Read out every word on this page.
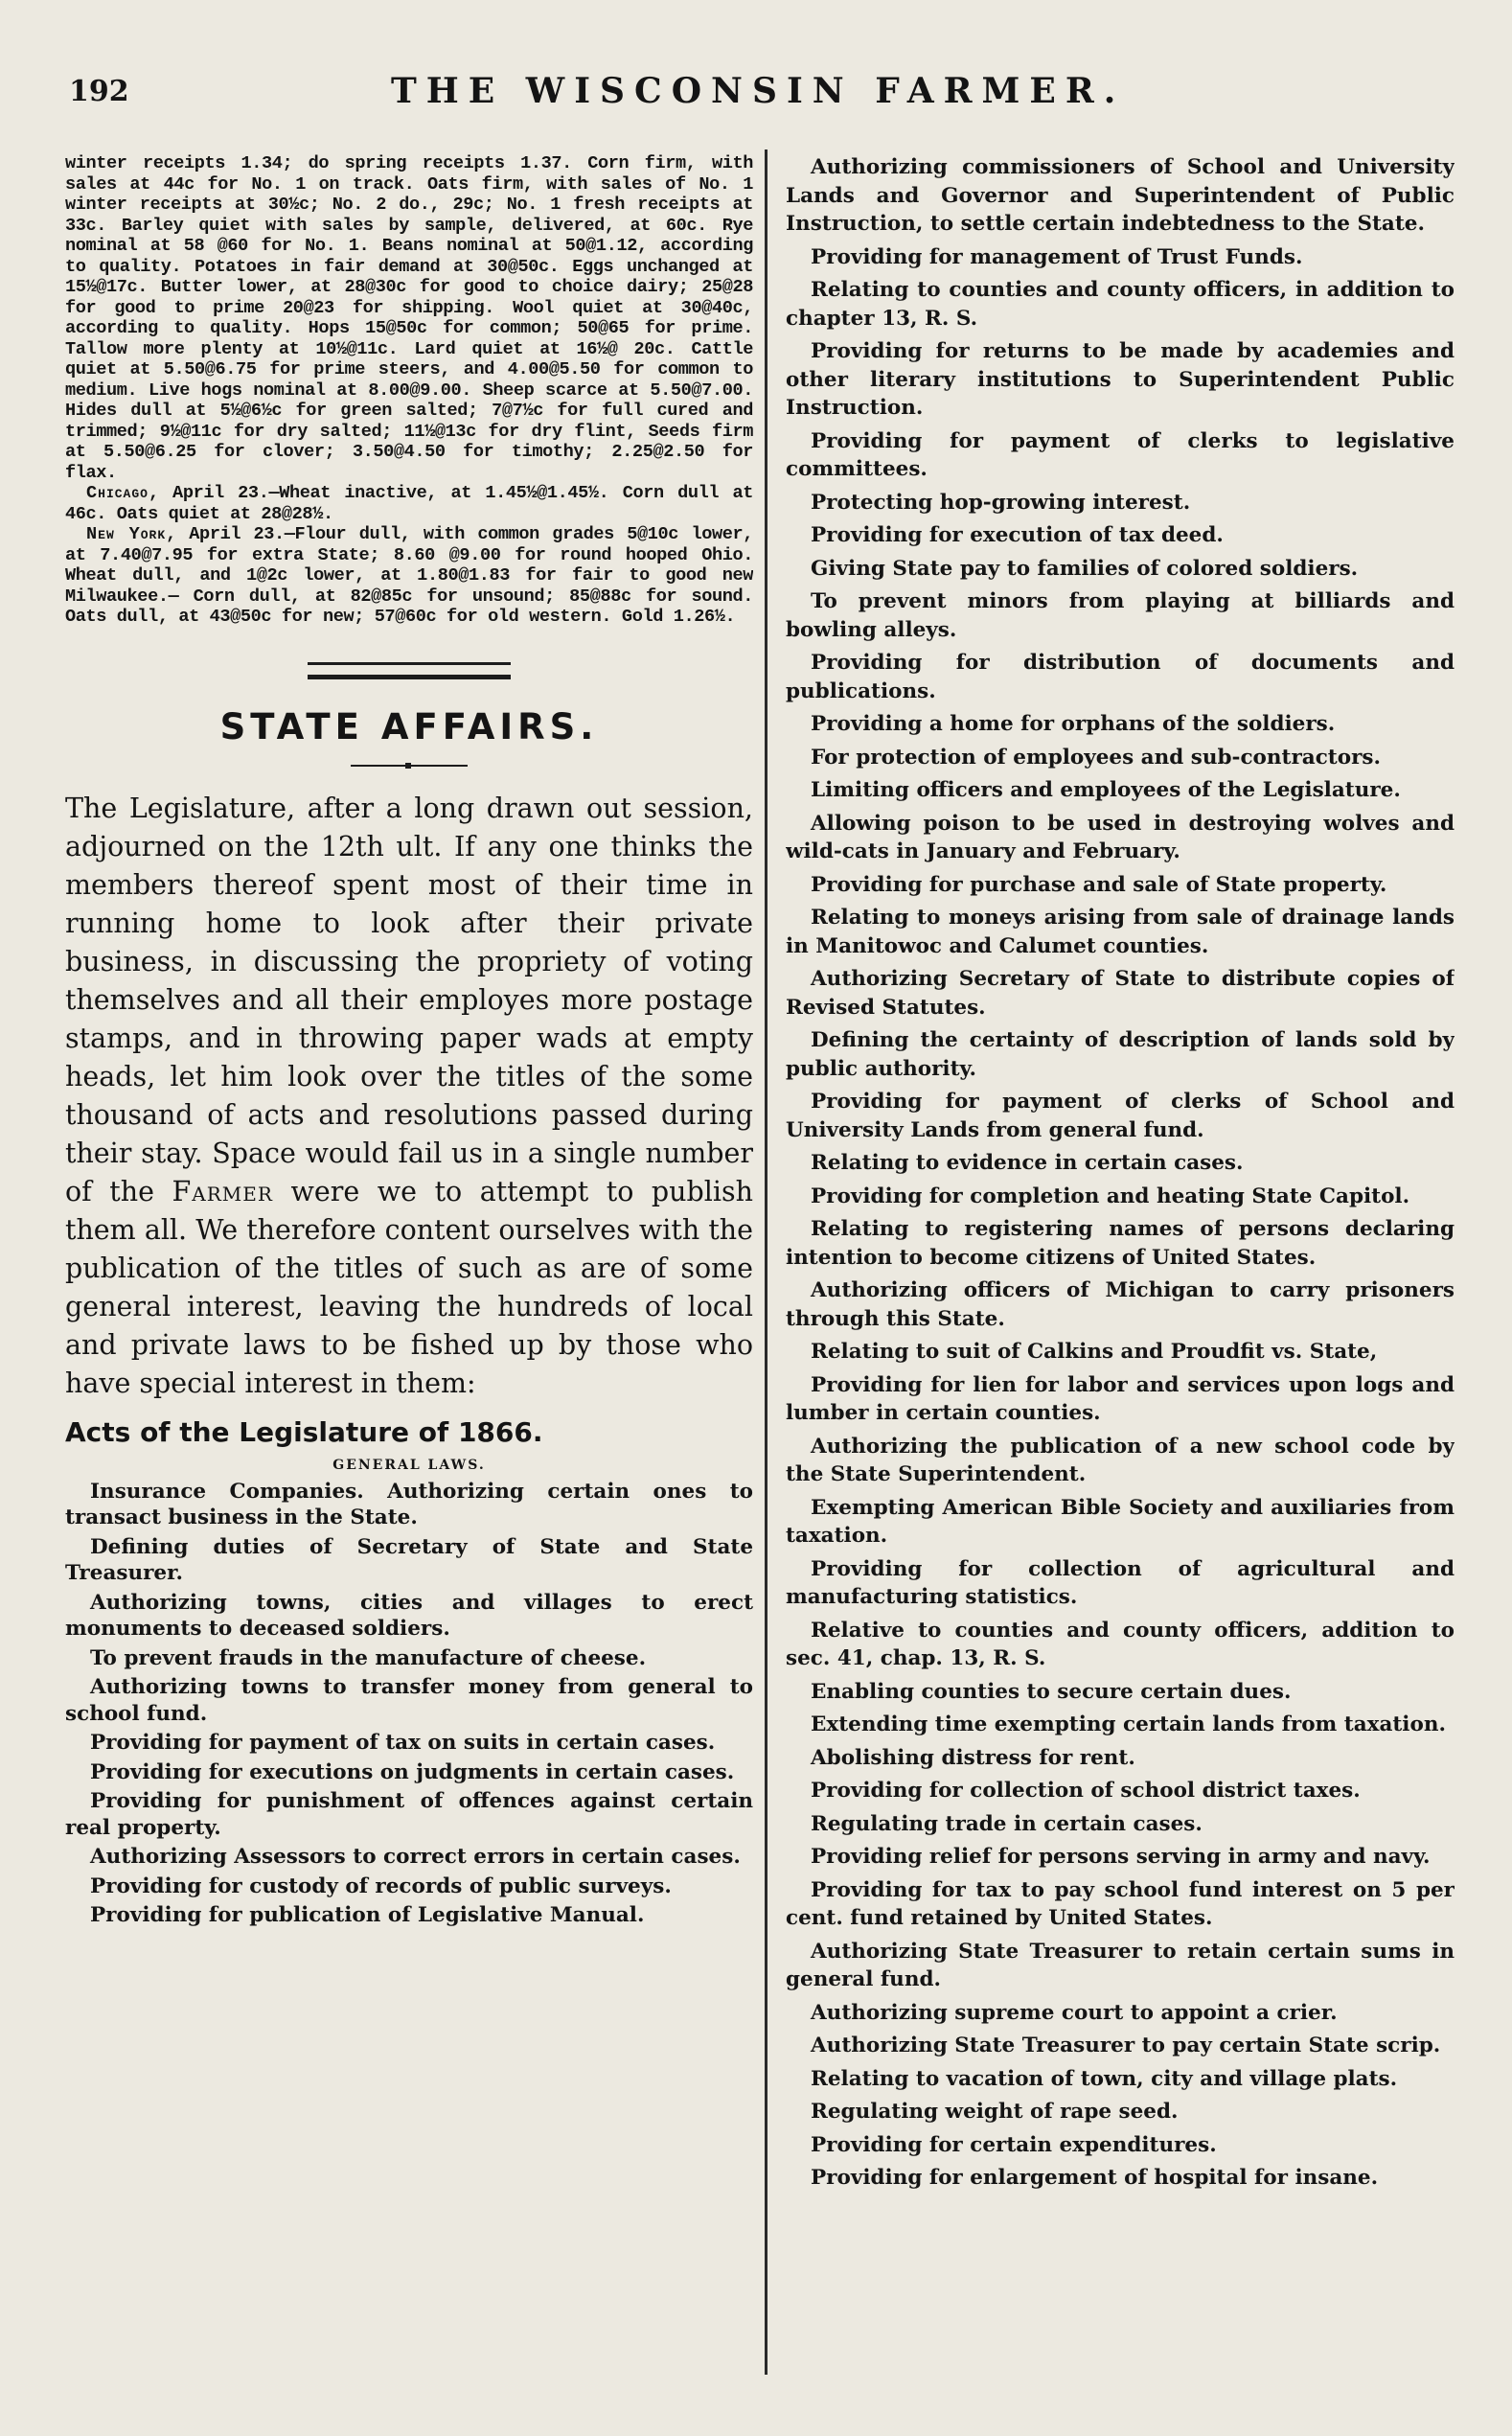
192	THE WISCONSIN FARMER.

winter receipts 1.34; do spring receipts 1.37. Corn firm, with sales at 44c for No. 1 on track. Oats firm, with sales of No. 1 winter receipts at 30½c; No. 2 do., 29c; No. 1 fresh receipts at 33c. Barley quiet with sales by sample, delivered, at 60c. Rye nominal at 58 @60 for No. 1. Beans nominal at 50@1.12, according to quality. Potatoes in fair demand at 30@50c. Eggs unchanged at 15½@17c. Butter lower, at 28@30c for good to choice dairy; 25@28 for good to prime 20@23 for shipping. Wool quiet at 30@40c, according to quality. Hops 15@50c for common; 50@65 for prime. Tallow more plenty at 10½@11c. Lard quiet at 16½@ 20c. Cattle quiet at 5.50@6.75 for prime steers, and 4.00@5.50 for common to medium. Live hogs nominal at 8.00@9.00. Sheep scarce at 5.50@7.00. Hides dull at 5½@6½c for green salted; 7@7½c for full cured and trimmed; 9½@11c for dry salted; 11½@13c for dry flint, Seeds firm at 5.50@6.25 for clover; 3.50@4.50 for timothy; 2.25@2.50 for flax.

Chicago, April 23.—Wheat inactive, at 1.45½@1.45½. Corn dull at 46c. Oats quiet at 28@28½.

New York, April 23.—Flour dull, with common grades 5@10c lower, at 7.40@7.95 for extra State; 8.60 @9.00 for round hooped Ohio. Wheat dull, and 1@2c lower, at 1.80@1.83 for fair to good new Milwaukee.— Corn dull, at 82@85c for unsound; 85@88c for sound. Oats dull, at 43@50c for new; 57@60c for old western. Gold 1.26½.

STATE AFFAIRS.

The Legislature, after a long drawn out session, adjourned on the 12th ult. If any one thinks the members thereof spent most of their time in running home to look after their private business, in discussing the propriety of voting themselves and all their employes more postage stamps, and in throwing paper wads at empty heads, let him look over the titles of the some thousand of acts and resolutions passed during their stay. Space would fail us in a single number of the Farmer were we to attempt to publish them all. We therefore content ourselves with the publication of the titles of such as are of some general interest, leaving the hundreds of local and private laws to be fished up by those who have special interest in them:

Acts of the Legislature of 1866.
GENERAL LAWS.
Insurance Companies. Authorizing certain ones to transact business in the State.
Defining duties of Secretary of State and State Treasurer.
Authorizing towns, cities and villages to erect monuments to deceased soldiers.
To prevent frauds in the manufacture of cheese.
Authorizing towns to transfer money from general to school fund.
Providing for payment of tax on suits in certain cases.
Providing for executions on judgments in certain cases.
Providing for punishment of offences against certain real property.
Authorizing Assessors to correct errors in certain cases.
Providing for custody of records of public surveys.
Providing for publication of Legislative Manual.
Authorizing commissioners of School and University Lands and Governor and Superintendent of Public Instruction, to settle certain indebtedness to the State.
Providing for management of Trust Funds.
Relating to counties and county officers, in addition to chapter 13, R. S.
Providing for returns to be made by academies and other literary institutions to Superintendent Public Instruction.
Providing for payment of clerks to legislative committees.
Protecting hop-growing interest.
Providing for execution of tax deed.
Giving State pay to families of colored soldiers.
To prevent minors from playing at billiards and bowling alleys.
Providing for distribution of documents and publications.
Providing a home for orphans of the soldiers.
For protection of employees and sub-contractors.
Limiting officers and employees of the Legislature.
Allowing poison to be used in destroying wolves and wild-cats in January and February.
Providing for purchase and sale of State property.
Relating to moneys arising from sale of drainage lands in Manitowoc and Calumet counties.
Authorizing Secretary of State to distribute copies of Revised Statutes.
Defining the certainty of description of lands sold by public authority.
Providing for payment of clerks of School and University Lands from general fund.
Relating to evidence in certain cases.
Providing for completion and heating State Capitol.
Relating to registering names of persons declaring intention to become citizens of United States.
Authorizing officers of Michigan to carry prisoners through this State.
Relating to suit of Calkins and Proudfit vs. State,
Providing for lien for labor and services upon logs and lumber in certain counties.
Authorizing the publication of a new school code by the State Superintendent.
Exempting American Bible Society and auxiliaries from taxation.
Providing for collection of agricultural and manufacturing statistics.
Relative to counties and county officers, addition to sec. 41, chap. 13, R. S.
Enabling counties to secure certain dues.
Extending time exempting certain lands from taxation.
Abolishing distress for rent.
Providing for collection of school district taxes.
Regulating trade in certain cases.
Providing relief for persons serving in army and navy.
Providing for tax to pay school fund interest on 5 per cent. fund retained by United States.
Authorizing State Treasurer to retain certain sums in general fund.
Authorizing supreme court to appoint a crier.
Authorizing State Treasurer to pay certain State scrip.
Relating to vacation of town, city and village plats.
Regulating weight of rape seed.
Providing for certain expenditures.
Providing for enlargement of hospital for insane.
